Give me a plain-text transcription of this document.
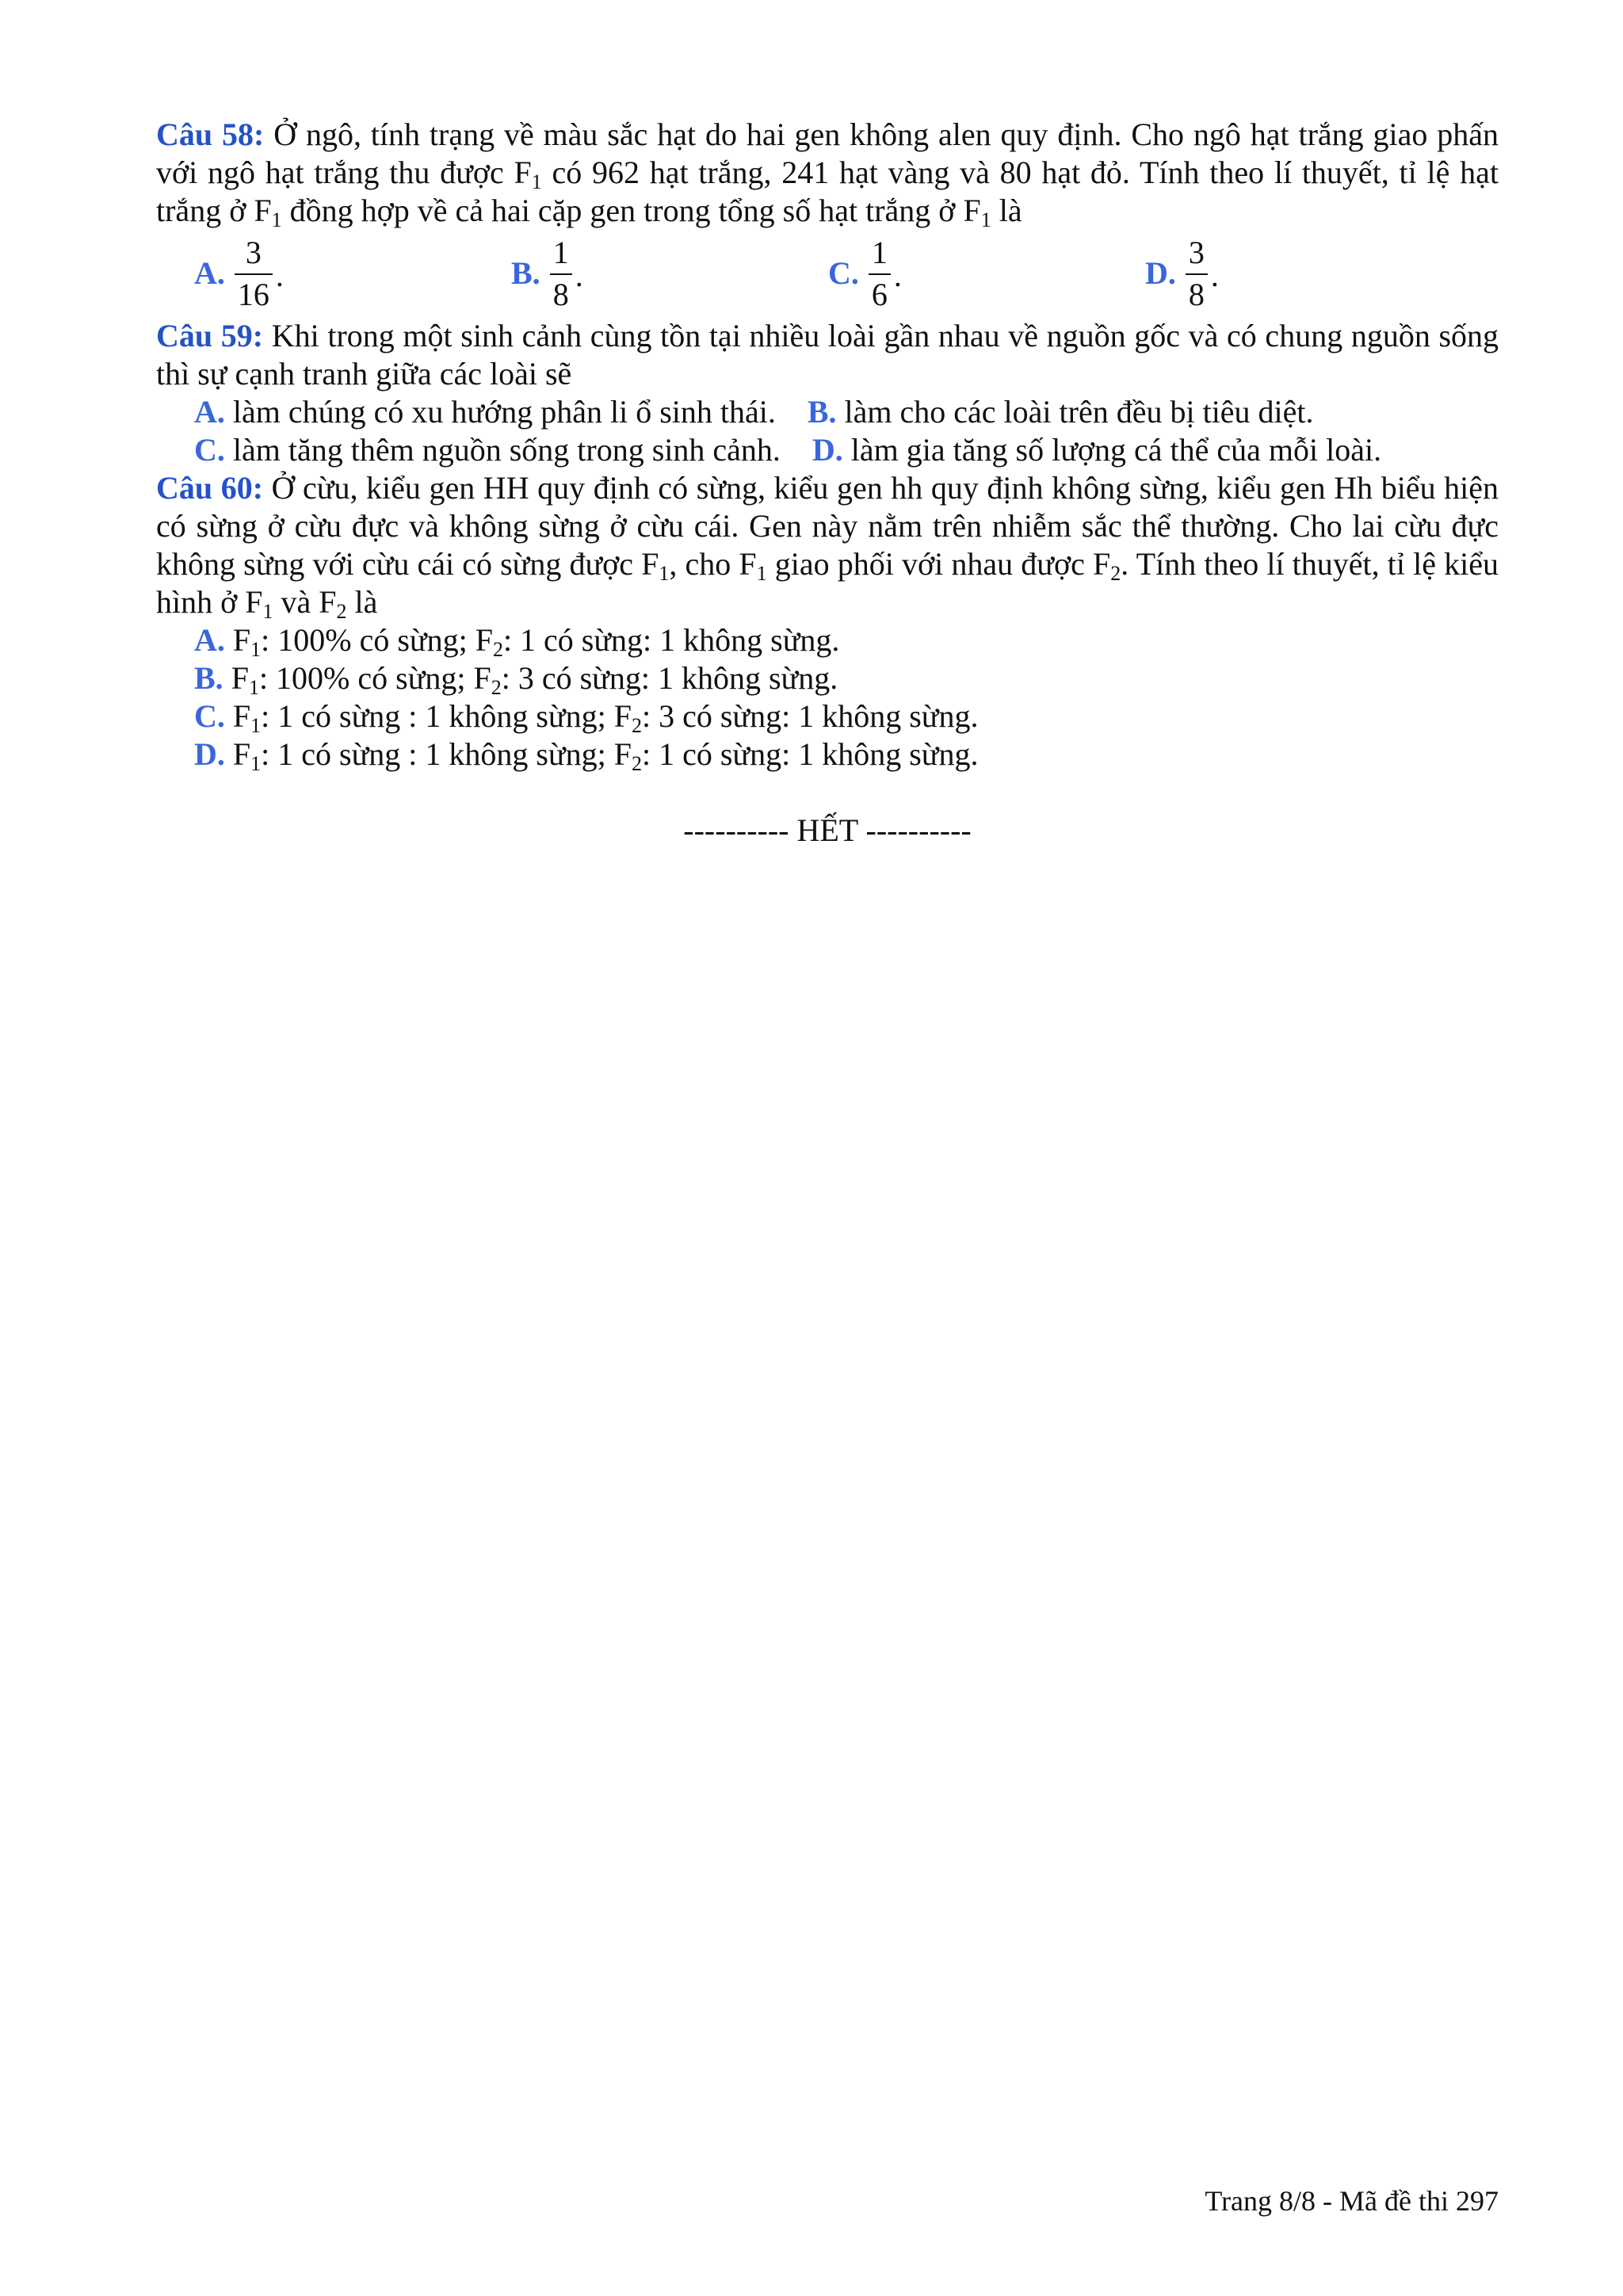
Câu 58: Ở ngô, tính trạng về màu sắc hạt do hai gen không alen quy định. Cho ngô hạt trắng giao phấn với ngô hạt trắng thu được $F_1$ có 962 hạt trắng, 241 hạt vàng và 80 hạt đỏ. Tính theo lí thuyết, tỉ lệ hạt trắng ở $F_1$ đồng hợp về cả hai cặp gen trong tổng số hạt trắng ở $F_1$ là

A. $\frac{3}{16}$ .	B. $\frac{1}{8}$ .	C. $\frac{1}{6}$ .	D. $\frac{3}{8}$ .

Câu 59: Khi trong một sinh cảnh cùng tồn tại nhiều loài gần nhau về nguồn gốc và có chung nguồn sống thì sự cạnh tranh giữa các loài sẽ

A. làm chúng có xu hướng phân li ổ sinh thái. B. làm cho các loài trên đều bị tiêu diệt.
C. làm tăng thêm nguồn sống trong sinh cảnh. D. làm gia tăng số lượng cá thể của mỗi loài.

Câu 60: Ở cừu, kiểu gen HH quy định có sừng, kiểu gen hh quy định không sừng, kiểu gen Hh biểu hiện có sừng ở cừu đực và không sừng ở cừu cái. Gen này nằm trên nhiễm sắc thể thường. Cho lai cừu đực không sừng với cừu cái có sừng được $F_1$, cho $F_1$ giao phối với nhau được $F_2$. Tính theo lí thuyết, tỉ lệ kiểu hình ở $F_1$ và $F_2$ là

A. $F_1$: 100% có sừng; $F_2$: 1 có sừng: 1 không sừng.
B. $F_1$: 100% có sừng; $F_2$: 3 có sừng: 1 không sừng.
C. $F_1$: 1 có sừng : 1 không sừng; $F_2$: 3 có sừng: 1 không sừng.
D. $F_1$: 1 có sừng : 1 không sừng; $F_2$: 1 có sừng: 1 không sừng.
---------- HẾT ----------
Trang 8/8 - Mã đề thi 297
